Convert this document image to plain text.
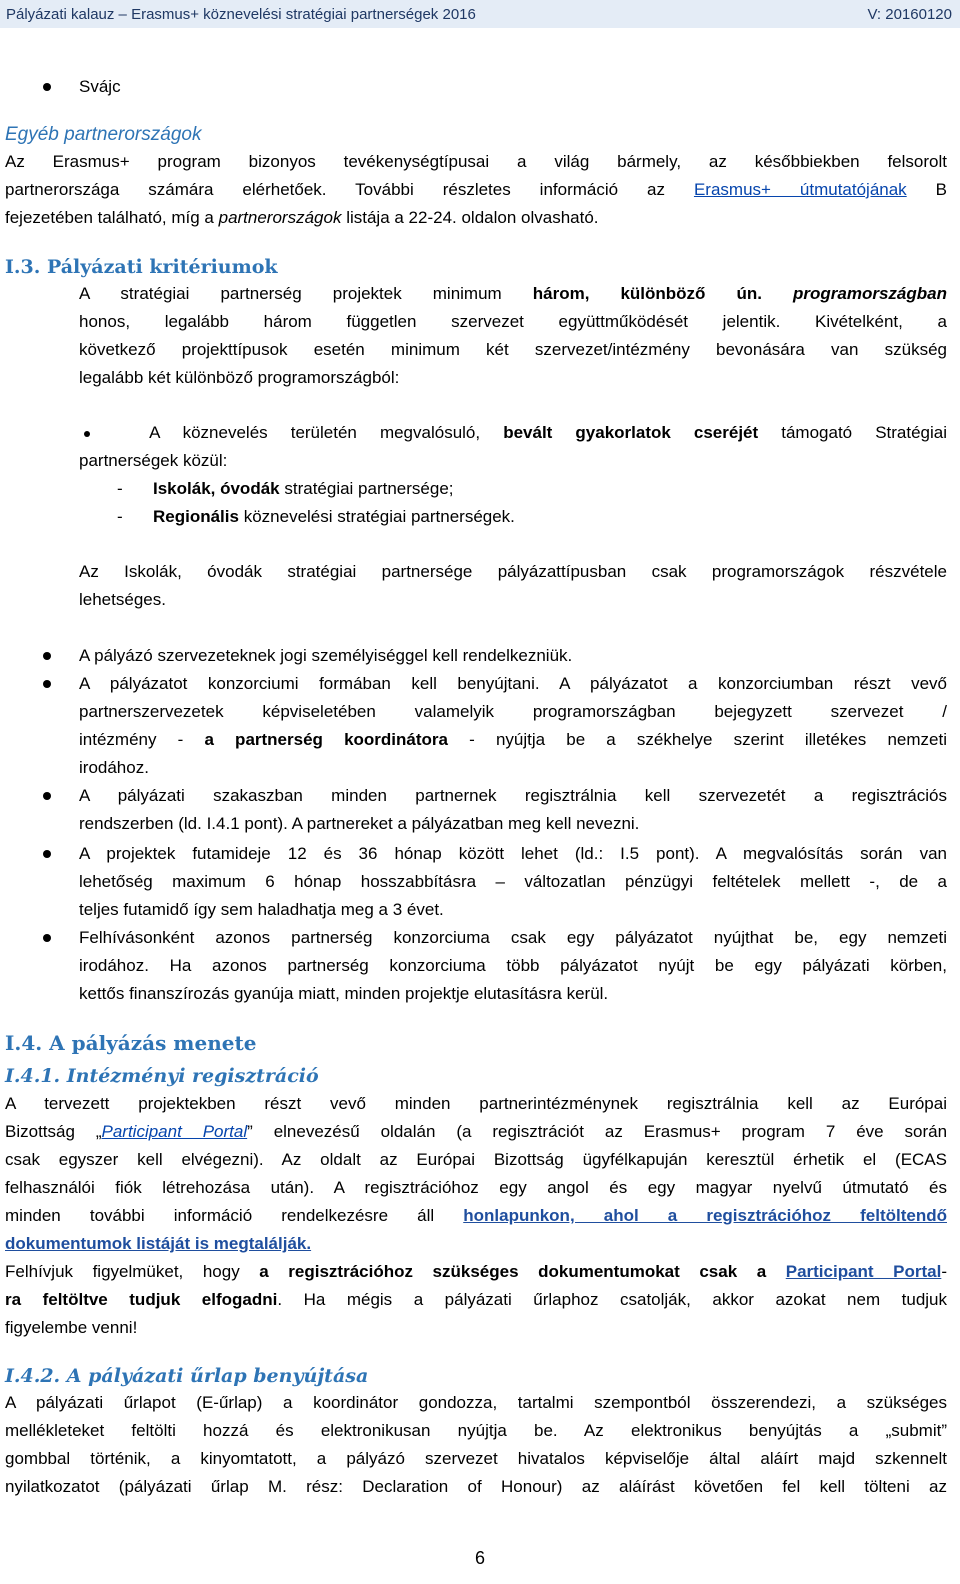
Pályázati kalauz – Erasmus+ köznevelési stratégiai partnerségek 2016	V: 20160120
Svájc
Egyéb partnerországok
Az Erasmus+ program bizonyos tevékenységtípusai a világ bármely, az későbbiekben felsorolt
partnerországa számára elérhetőek. További részletes információ az Erasmus+ útmutatójának B
fejezetében található, míg a partnerországok listája a 22-24. oldalon olvasható.
I.3. Pályázati kritériumok
A stratégiai partnerség projektek minimum három, különböző ún. programországban
honos, legalább három független szervezet együttműködését jelentik. Kivételként, a
következő projekttípusok esetén minimum két szervezet/intézmény bevonására van szükség
legalább két különböző programországból:
A köznevelés területén megvalósuló, bevált gyakorlatok cseréjét támogató Stratégiai
partnerségek közül:
- Iskolák, óvodák stratégiai partnersége;
- Regionális köznevelési stratégiai partnerségek.
Az Iskolák, óvodák stratégiai partnersége pályázattípusban csak programországok részvétele
lehetséges.
A pályázó szervezeteknek jogi személyiséggel kell rendelkezniük.
A pályázatot konzorciumi formában kell benyújtani. A pályázatot a konzorciumban részt vevő
partnerszervezetek képviseletében valamelyik programországban bejegyzett szervezet /
intézmény - a partnerség koordinátora - nyújtja be a székhelye szerint illetékes nemzeti
irodához.
A pályázati szakaszban minden partnernek regisztrálnia kell szervezetét a regisztrációs
rendszerben (ld. I.4.1 pont). A partnereket a pályázatban meg kell nevezni.
A projektek futamideje 12 és 36 hónap között lehet (ld.: I.5 pont). A megvalósítás során van
lehetőség maximum 6 hónap hosszabbításra – változatlan pénzügyi feltételek mellett -, de a
teljes futamidő így sem haladhatja meg a 3 évet.
Felhívásonként azonos partnerség konzorciuma csak egy pályázatot nyújthat be, egy nemzeti
irodához. Ha azonos partnerség konzorciuma több pályázatot nyújt be egy pályázati körben,
kettős finanszírozás gyanúja miatt, minden projektje elutasításra kerül.
I.4. A pályázás menete
I.4.1. Intézményi regisztráció
A tervezett projektekben részt vevő minden partnerintézménynek regisztrálnia kell az Európai
Bizottság „Participant Portal” elnevezésű oldalán (a regisztrációt az Erasmus+ program 7 éve során
csak egyszer kell elvégezni). Az oldalt az Európai Bizottság ügyfélkapuján keresztül érhetik el (ECAS
felhasználói fiók létrehozása után). A regisztrációhoz egy angol és egy magyar nyelvű útmutató és
minden további információ rendelkezésre áll honlapunkon, ahol a regisztrációhoz feltöltendő
dokumentumok listáját is megtalálják.
Felhívjuk figyelmüket, hogy a regisztrációhoz szükséges dokumentumokat csak a Participant Portal-
ra feltöltve tudjuk elfogadni. Ha mégis a pályázati űrlaphoz csatolják, akkor azokat nem tudjuk
figyelembe venni!
I.4.2. A pályázati űrlap benyújtása
A pályázati űrlapot (E-űrlap) a koordinátor gondozza, tartalmi szempontból összerendezi, a szükséges
mellékleteket feltölti hozzá és elektronikusan nyújtja be. Az elektronikus benyújtás a „submit”
gombbal történik, a kinyomtatott, a pályázó szervezet hivatalos képviselője által aláírt majd szkennelt
nyilatkozatot (pályázati űrlap M. rész: Declaration of Honour) az aláírást követően fel kell tölteni az
6
